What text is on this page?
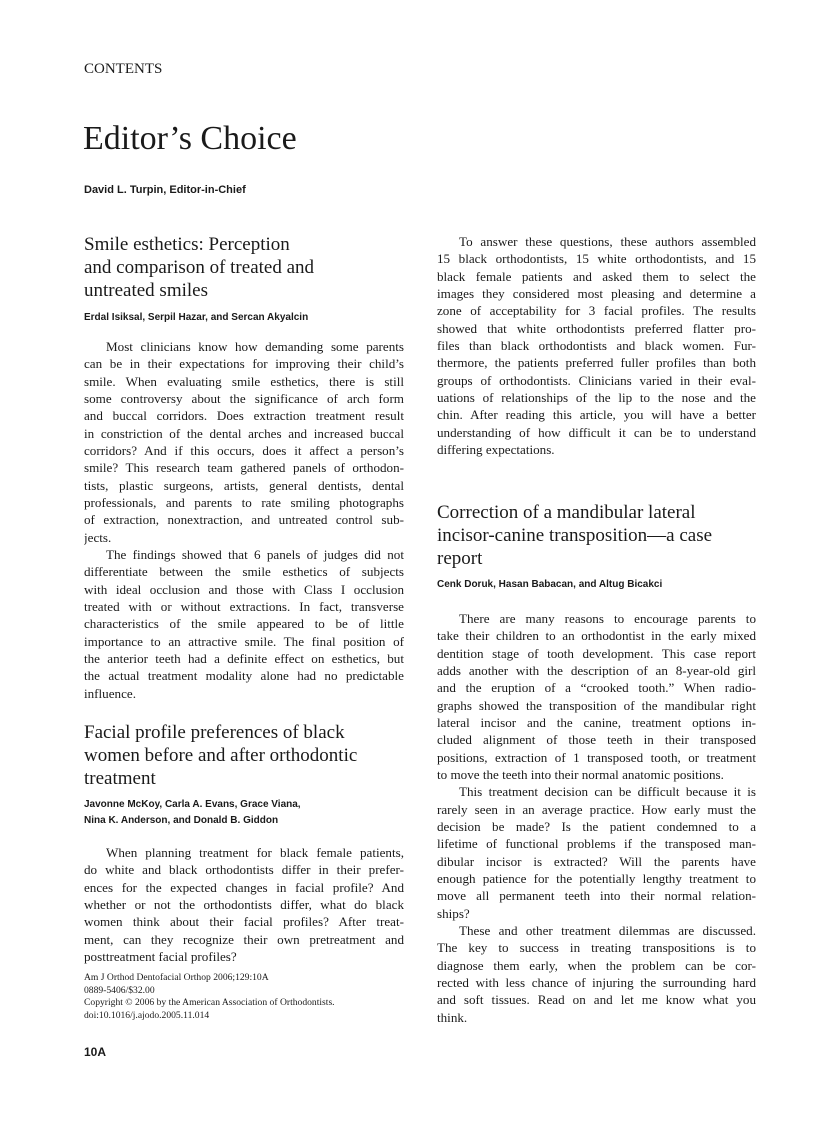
CONTENTS
Editor’s Choice
David L. Turpin, Editor-in-Chief
Smile esthetics: Perception
and comparison of treated and
untreated smiles
Erdal Isiksal, Serpil Hazar, and Sercan Akyalcin
Most clinicians know how demanding some parents
can be in their expectations for improving their child’s
smile. When evaluating smile esthetics, there is still
some controversy about the significance of arch form
and buccal corridors. Does extraction treatment result
in constriction of the dental arches and increased buccal
corridors? And if this occurs, does it affect a person’s
smile? This research team gathered panels of orthodon-
tists, plastic surgeons, artists, general dentists, dental
professionals, and parents to rate smiling photographs
of extraction, nonextraction, and untreated control sub-
jects.
The findings showed that 6 panels of judges did not
differentiate between the smile esthetics of subjects
with ideal occlusion and those with Class I occlusion
treated with or without extractions. In fact, transverse
characteristics of the smile appeared to be of little
importance to an attractive smile. The final position of
the anterior teeth had a definite effect on esthetics, but
the actual treatment modality alone had no predictable
influence.
Facial profile preferences of black
women before and after orthodontic
treatment
Javonne McKoy, Carla A. Evans, Grace Viana,
Nina K. Anderson, and Donald B. Giddon
When planning treatment for black female patients,
do white and black orthodontists differ in their prefer-
ences for the expected changes in facial profile? And
whether or not the orthodontists differ, what do black
women think about their facial profiles? After treat-
ment, can they recognize their own pretreatment and
posttreatment facial profiles?
To answer these questions, these authors assembled
15 black orthodontists, 15 white orthodontists, and 15
black female patients and asked them to select the
images they considered most pleasing and determine a
zone of acceptability for 3 facial profiles. The results
showed that white orthodontists preferred flatter pro-
files than black orthodontists and black women. Fur-
thermore, the patients preferred fuller profiles than both
groups of orthodontists. Clinicians varied in their eval-
uations of relationships of the lip to the nose and the
chin. After reading this article, you will have a better
understanding of how difficult it can be to understand
differing expectations.
Am J Orthod Dentofacial Orthop 2006;129:10A
0889-5406/$32.00
Copyright © 2006 by the American Association of Orthodontists.
doi:10.1016/j.ajodo.2005.11.014
10A
Correction of a mandibular lateral
incisor-canine transposition—a case
report
Cenk Doruk, Hasan Babacan, and Altug Bicakci
There are many reasons to encourage parents to
take their children to an orthodontist in the early mixed
dentition stage of tooth development. This case report
adds another with the description of an 8-year-old girl
and the eruption of a “crooked tooth.” When radio-
graphs showed the transposition of the mandibular right
lateral incisor and the canine, treatment options in-
cluded alignment of those teeth in their transposed
positions, extraction of 1 transposed tooth, or treatment
to move the teeth into their normal anatomic positions.
This treatment decision can be difficult because it is
rarely seen in an average practice. How early must the
decision be made? Is the patient condemned to a
lifetime of functional problems if the transposed man-
dibular incisor is extracted? Will the parents have
enough patience for the potentially lengthy treatment to
move all permanent teeth into their normal relation-
ships?
These and other treatment dilemmas are discussed.
The key to success in treating transpositions is to
diagnose them early, when the problem can be cor-
rected with less chance of injuring the surrounding hard
and soft tissues. Read on and let me know what you
think.
